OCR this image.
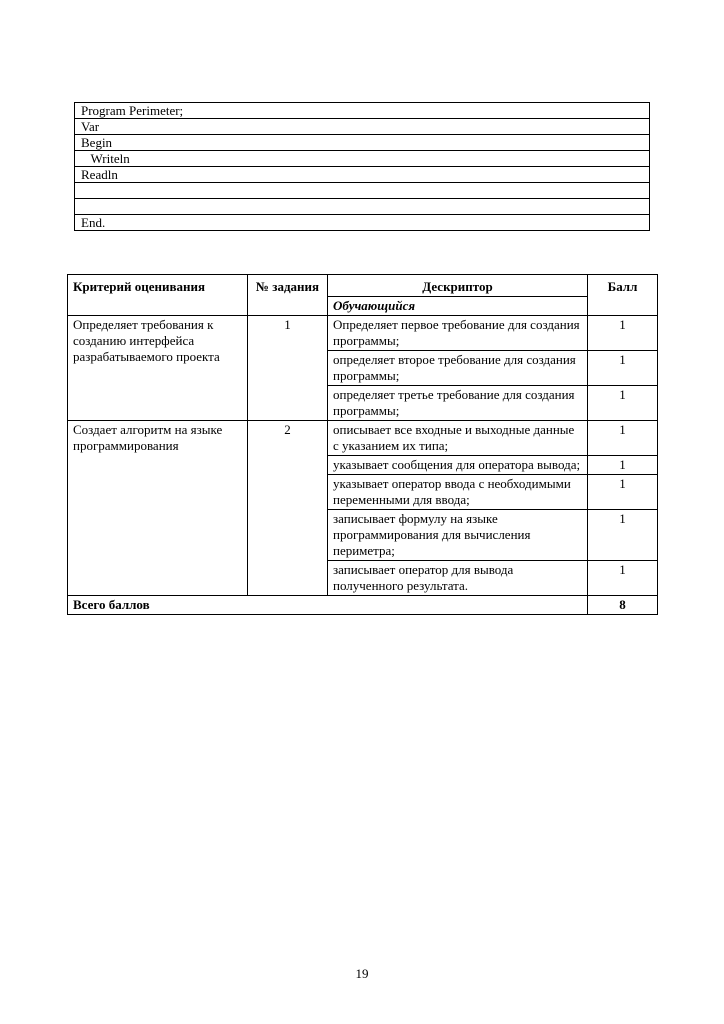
Program Perimeter;
Var
Begin
Writeln
Readln

End.
Критерий оценивания	№ задания	Дескриптор	Балл
		Обучающийся	
Определяет требования к созданию интерфейса разрабатываемого проекта	1	Определяет первое требование для создания программы;	1
		определяет второе требование для создания программы;	1
		определяет третье требование для создания программы;	1
Создает алгоритм на языке программирования	2	описывает все входные и выходные данные с указанием их типа;	1
		указывает сообщения для оператора вывода;	1
		указывает оператор ввода с необходимыми переменными для ввода;	1
		записывает формулу на языке программирования для вычисления периметра;	1
		записывает оператор для вывода полученного результата.	1
Всего баллов			8
19
